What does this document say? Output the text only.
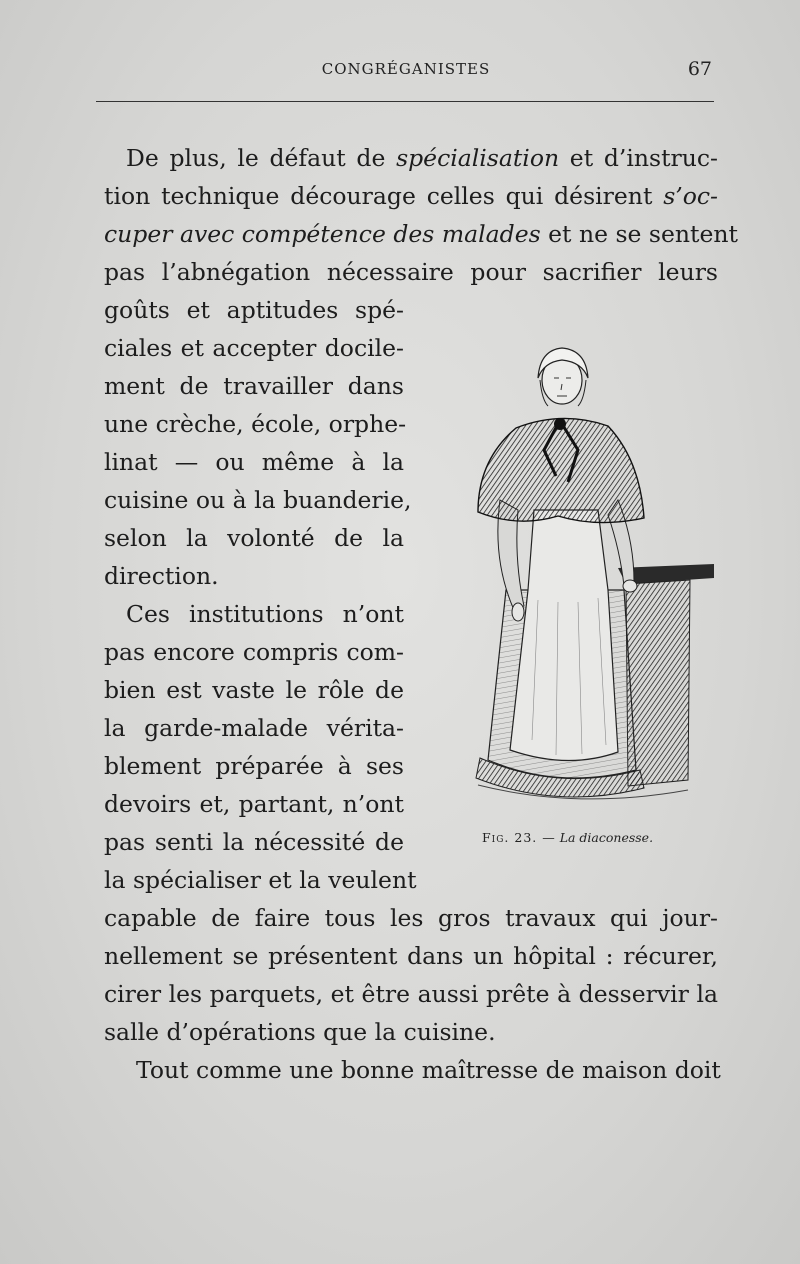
CONGRÉGANISTES	67

De plus, le défaut de spécialisation et d’instruc-

tion technique décourage celles qui désirent s’oc-

cuper avec compétence des malades et ne se sentent

pas l’abnégation nécessaire pour sacrifier leurs

goûts et aptitudes spé-

ciales et accepter docile-

ment de travailler dans

une crèche, école, orphe-

linat — ou même à la

cuisine ou à la buanderie,

selon la volonté de la

direction.

Ces institutions n’ont

pas encore compris com-

bien est vaste le rôle de

la garde-malade vérita-

blement préparée à ses

devoirs et, partant, n’ont

pas senti la nécessité de

la spécialiser et la veulent

capable de faire tous les gros travaux qui jour-

nellement se présentent dans un hôpital : récurer,

cirer les parquets, et être aussi prête à desservir la

salle d’opérations que la cuisine.

Tout comme une bonne maîtresse de maison doit

Fig. 23. — La diaconesse.
